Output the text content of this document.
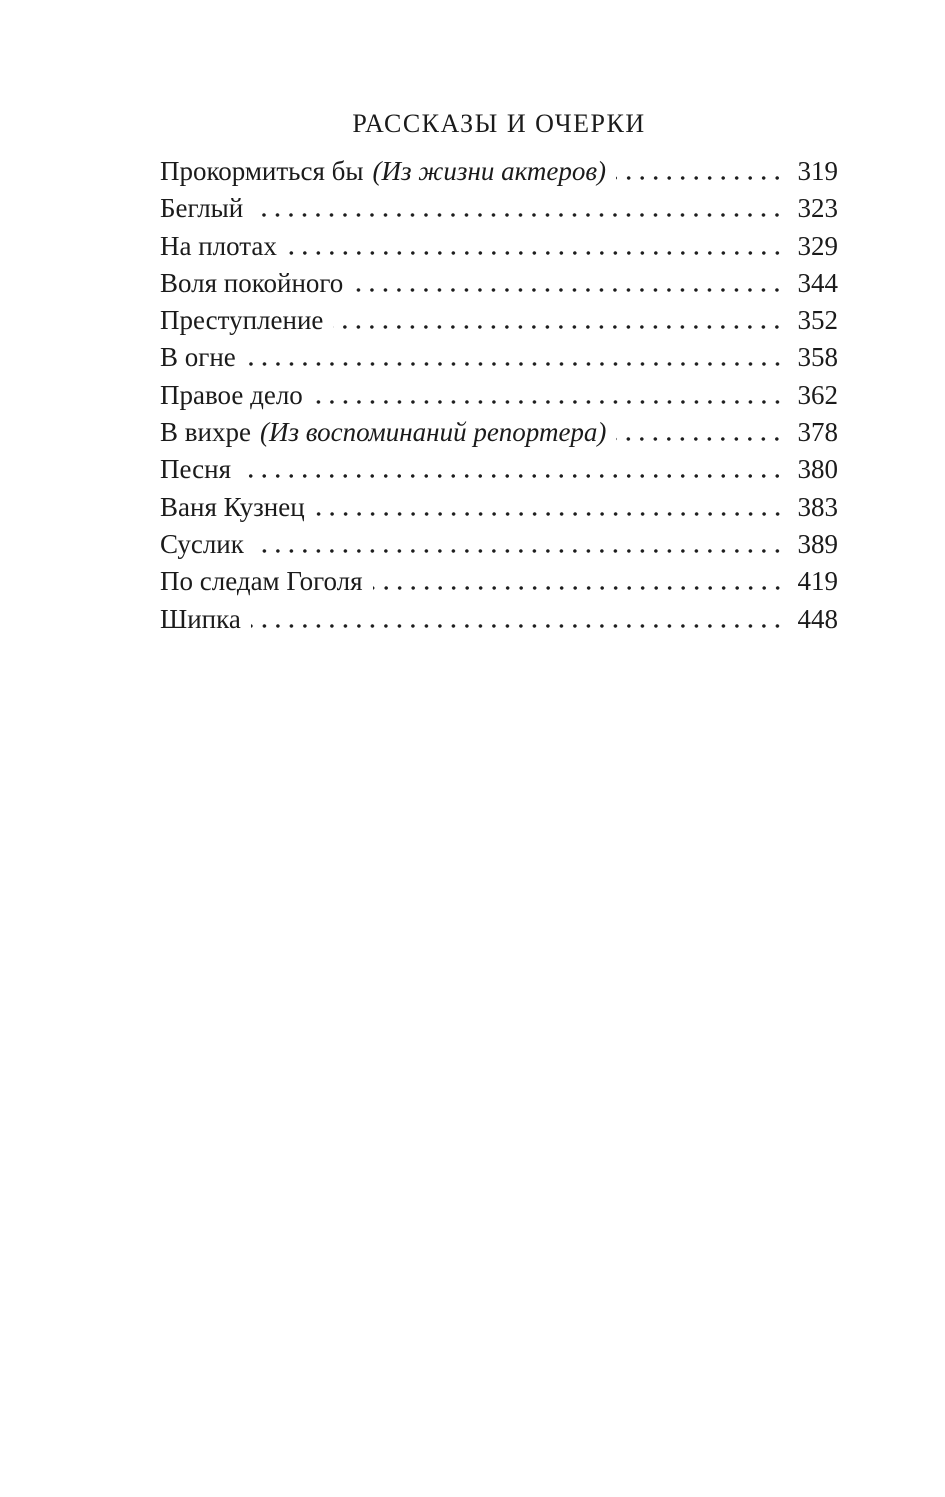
РАССКАЗЫ И ОЧЕРКИ
Прокормиться бы (Из жизни актеров)	319
Беглый	323
На плотах	329
Воля покойного	344
Преступление	352
В огне	358
Правое дело	362
В вихре (Из воспоминаний репортера)	378
Песня	380
Ваня Кузнец	383
Суслик	389
По следам Гоголя	419
Шипка	448
